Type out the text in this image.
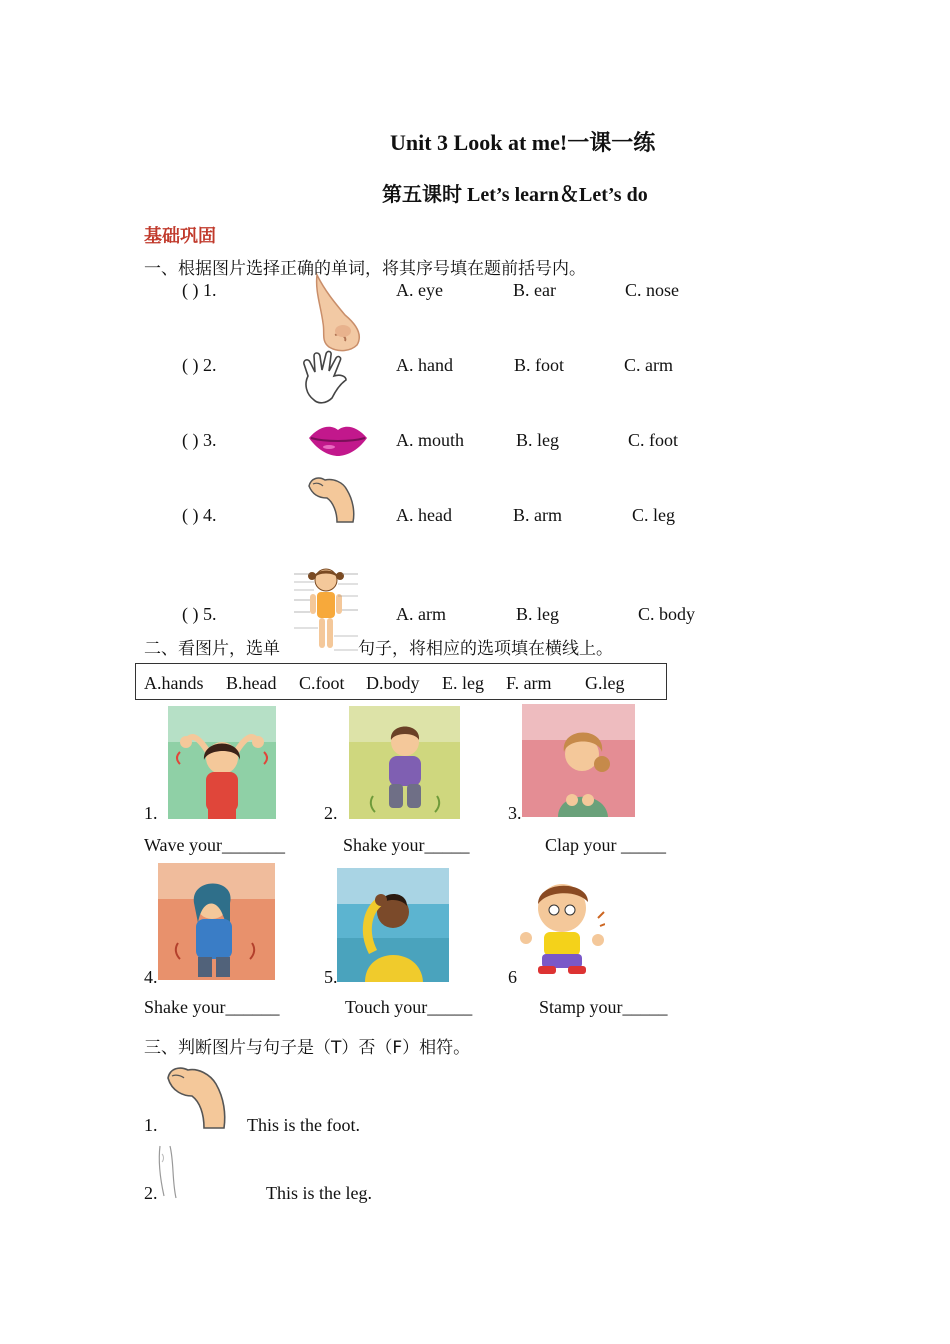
Unit 3 Look at me!一课一练
第五课时 Let’s learn＆Let’s do
基础巩固
一、根据图片选择正确的单词，将其序号填在题前括号内。
( ) 1.	A. eye	B. ear	C. nose
( ) 2.	A. hand	B. foot	C. arm
( ) 3.	A. mouth	B. leg	C. foot
( ) 4.	A. head	B. arm	C. leg
( ) 5.	A. arm	B. leg	C. body
二、看图片，选单	句子，将相应的选项填在横线上。
A.hands B.head C.foot D.body E. leg F. arm G.leg
1.	2.	3.
Wave your_______	Shake your_____	Clap your _____
4.	5.	6
Shake your______	Touch your_____	Stamp your_____
三、判断图片与句子是（T）否（F）相符。
1.	This is the foot.
2.	This is the leg.
